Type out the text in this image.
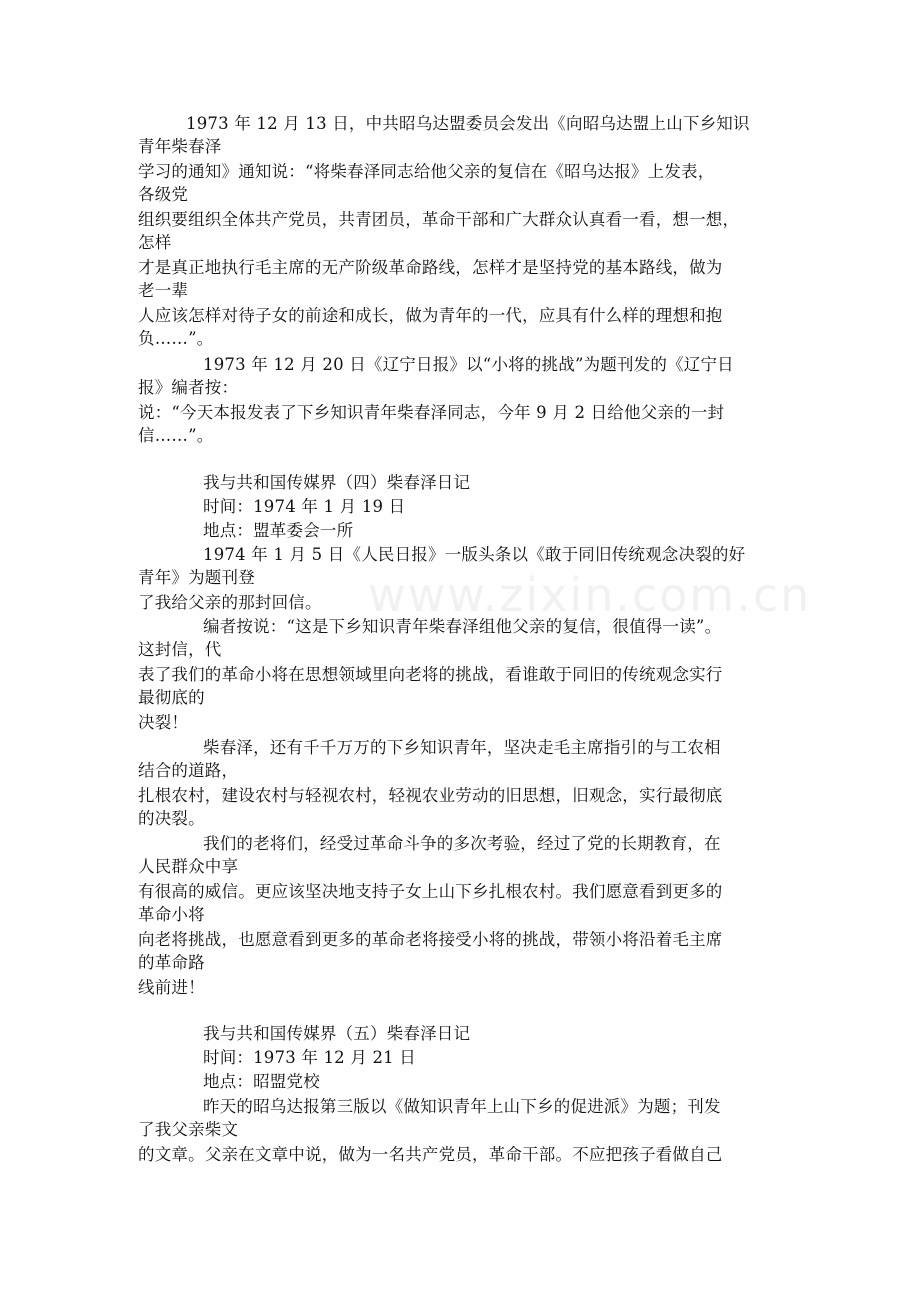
www.zixin.com.cn
1973 年 12 月 13 日，中共昭乌达盟委员会发出《向昭乌达盟上山下乡知识
青年柴春泽
学习的通知》通知说：“将柴春泽同志给他父亲的复信在《昭乌达报》上发表，
各级党
组织要组织全体共产党员，共青团员，革命干部和广大群众认真看一看，想一想，
怎样
才是真正地执行毛主席的无产阶级革命路线，怎样才是坚持党的基本路线，做为
老一辈
人应该怎样对待子女的前途和成长，做为青年的一代，应具有什么样的理想和抱
负……”。
1973 年 12 月 20 日《辽宁日报》以“小将的挑战”为题刊发的《辽宁日
报》编者按：
说：“今天本报发表了下乡知识青年柴春泽同志，今年 9 月 2 日给他父亲的一封
信……”。
我与共和国传媒界（四）柴春泽日记
时间：1974 年 1 月 19 日
地点：盟革委会一所
1974 年 1 月 5 日《人民日报》一版头条以《敢于同旧传统观念决裂的好
青年》为题刊登
了我给父亲的那封回信。
编者按说：“这是下乡知识青年柴春泽组他父亲的复信，很值得一读”。
这封信，代
表了我们的革命小将在思想领域里向老将的挑战，看谁敢于同旧的传统观念实行
最彻底的
决裂！
柴春泽，还有千千万万的下乡知识青年，坚决走毛主席指引的与工农相
结合的道路，
扎根农村，建设农村与轻视农村，轻视农业劳动的旧思想，旧观念，实行最彻底
的决裂。
我们的老将们，经受过革命斗争的多次考验，经过了党的长期教育，在
人民群众中享
有很高的威信。更应该坚决地支持子女上山下乡扎根农村。我们愿意看到更多的
革命小将
向老将挑战，也愿意看到更多的革命老将接受小将的挑战，带领小将沿着毛主席
的革命路
线前进！
我与共和国传媒界（五）柴春泽日记
时间：1973 年 12 月 21 日
地点：昭盟党校
昨天的昭乌达报第三版以《做知识青年上山下乡的促进派》为题；刊发
了我父亲柴文
的文章。父亲在文章中说，做为一名共产党员，革命干部。不应把孩子看做自己
